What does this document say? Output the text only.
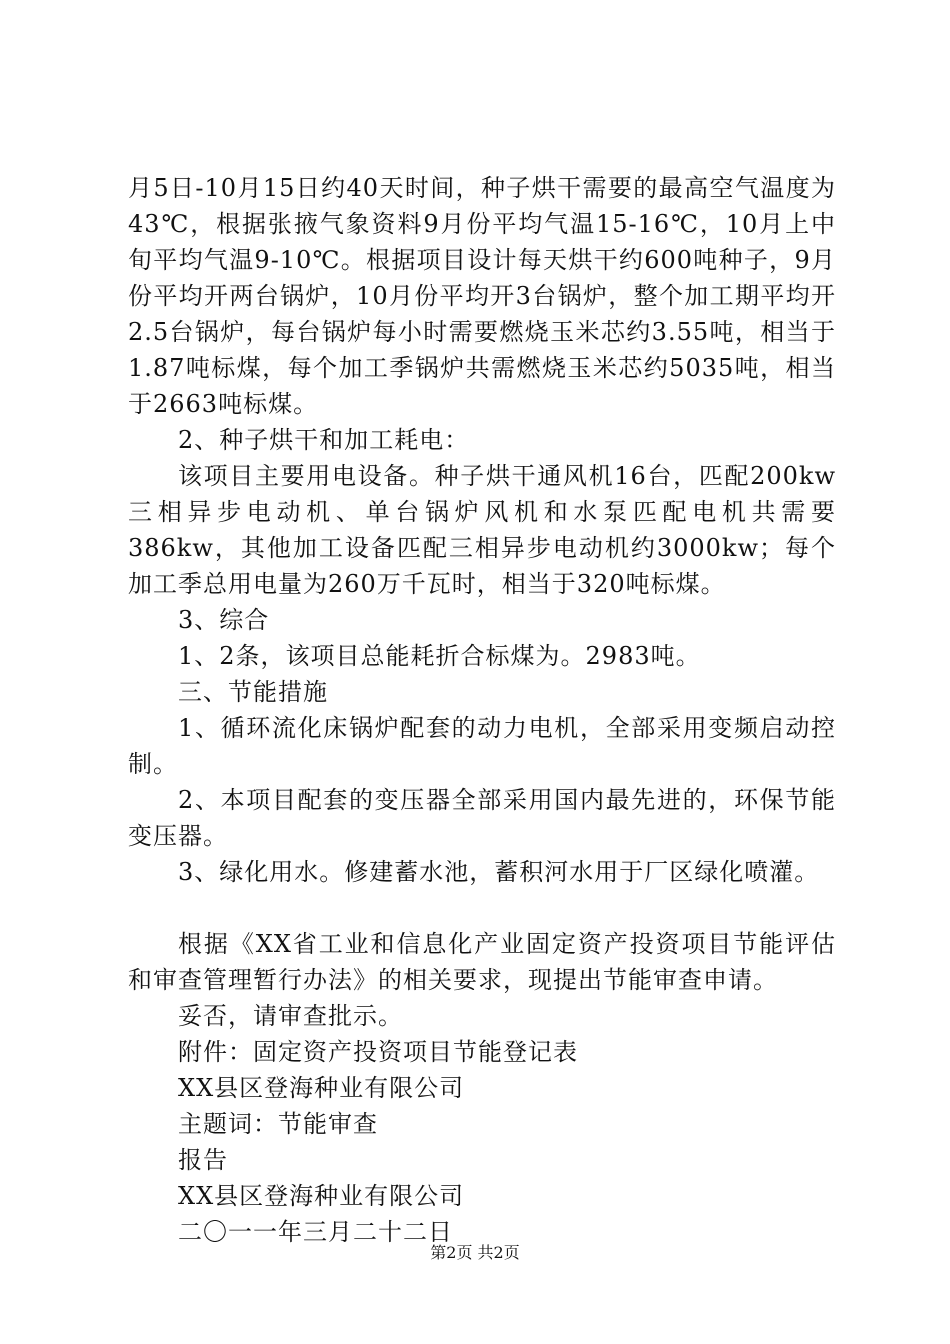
月5日-10月15日约40天时间，种子烘干需要的最高空气温度为43℃，根据张掖气象资料9月份平均气温15-16℃，10月上中旬平均气温9-10℃。根据项目设计每天烘干约600吨种子，9月份平均开两台锅炉，10月份平均开3台锅炉，整个加工期平均开2.5台锅炉，每台锅炉每小时需要燃烧玉米芯约3.55吨，相当于1.87吨标煤，每个加工季锅炉共需燃烧玉米芯约5035吨，相当于2663吨标煤。

2、种子烘干和加工耗电：

该项目主要用电设备。种子烘干通风机16台，匹配200kw三相异步电动机、单台锅炉风机和水泵匹配电机共需要386kw，其他加工设备匹配三相异步电动机约3000kw；每个加工季总用电量为260万千瓦时，相当于320吨标煤。

3、综合

1、2条，该项目总能耗折合标煤为。2983吨。

三、节能措施

1、循环流化床锅炉配套的动力电机，全部采用变频启动控制。

2、本项目配套的变压器全部采用国内最先进的，环保节能变压器。

3、绿化用水。修建蓄水池，蓄积河水用于厂区绿化喷灌。

根据《XX省工业和信息化产业固定资产投资项目节能评估和审查管理暂行办法》的相关要求，现提出节能审查申请。

妥否，请审查批示。

附件：固定资产投资项目节能登记表

XX县区登海种业有限公司

主题词：节能审查

报告

XX县区登海种业有限公司

二〇一一年三月二十二日

第2页 共2页
